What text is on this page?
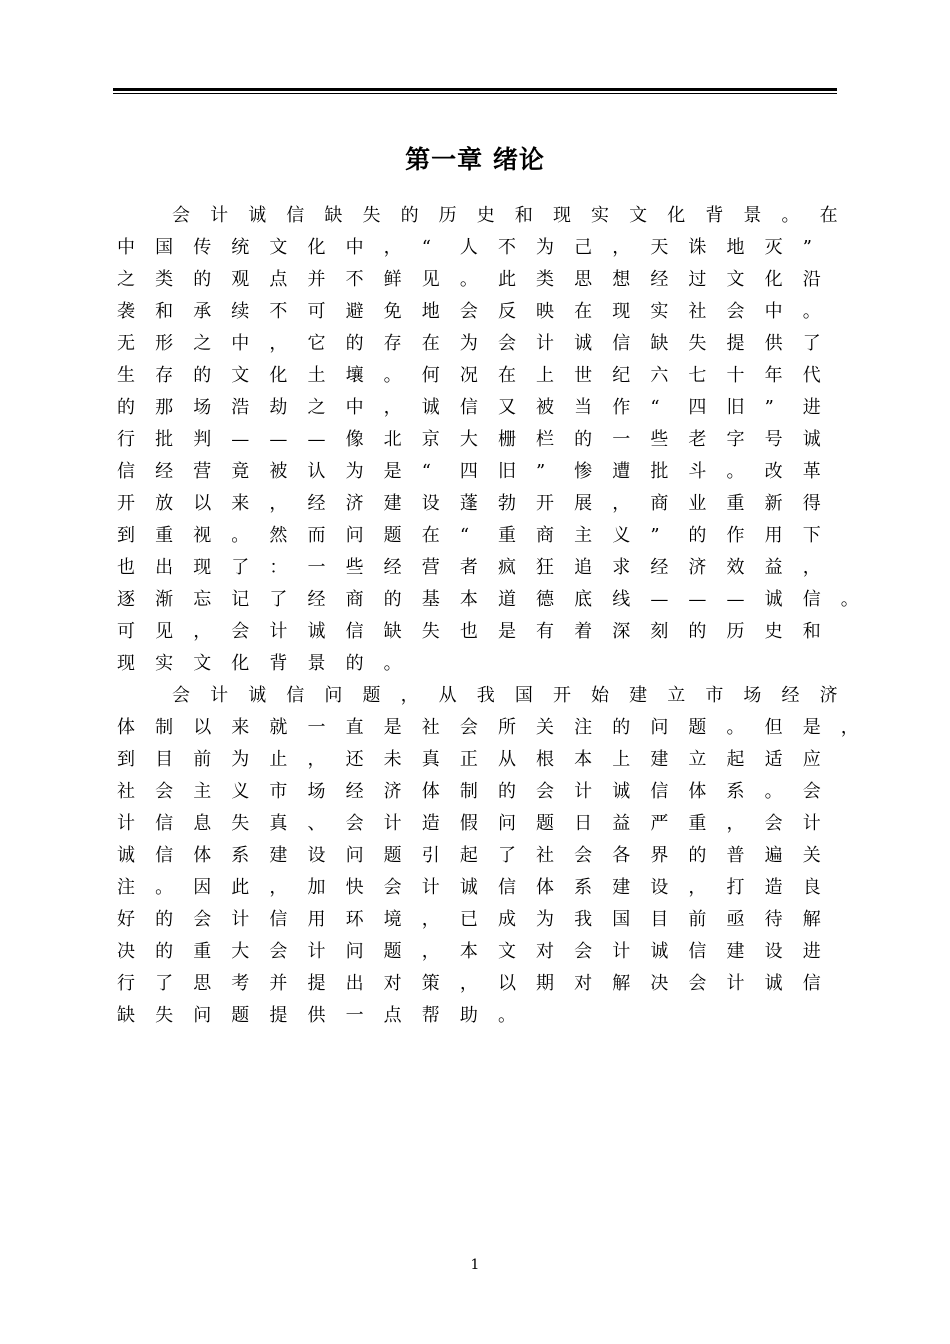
第一章 绪论
会 计 诚 信 缺 失 的 历 史 和 现 实 文 化 背 景 。 在
中 国 传 统 文 化 中 ， “ 人 不 为 己 ， 天 诛 地 灭 ”
之 类 的 观 点 并 不 鲜 见 。 此 类 思 想 经 过 文 化 沿
袭 和 承 续 不 可 避 免 地 会 反 映 在 现 实 社 会 中 。
无 形 之 中 ， 它 的 存 在 为 会 计 诚 信 缺 失 提 供 了
生 存 的 文 化 土 壤 。 何 况 在 上 世 纪 六 七 十 年 代
的 那 场 浩 劫 之 中 ， 诚 信 又 被 当 作 “ 四 旧 ” 进
行 批 判 — — — 像 北 京 大 栅 栏 的 一 些 老 字 号 诚
信 经 营 竟 被 认 为 是 “ 四 旧 ” 惨 遭 批 斗 。 改 革
开 放 以 来 ， 经 济 建 设 蓬 勃 开 展 ， 商 业 重 新 得
到 重 视 。 然 而 问 题 在 “ 重 商 主 义 ” 的 作 用 下
也 出 现 了 ： 一 些 经 营 者 疯 狂 追 求 经 济 效 益 ，
逐 渐 忘 记 了 经 商 的 基 本 道 德 底 线 — — — 诚 信 。
可 见 ， 会 计 诚 信 缺 失 也 是 有 着 深 刻 的 历 史 和
现 实 文 化 背 景 的 。
会 计 诚 信 问 题 ， 从 我 国 开 始 建 立 市 场 经 济
体 制 以 来 就 一 直 是 社 会 所 关 注 的 问 题 。 但 是 ，
到 目 前 为 止 ， 还 未 真 正 从 根 本 上 建 立 起 适 应
社 会 主 义 市 场 经 济 体 制 的 会 计 诚 信 体 系 。 会
计 信 息 失 真 、 会 计 造 假 问 题 日 益 严 重 ， 会 计
诚 信 体 系 建 设 问 题 引 起 了 社 会 各 界 的 普 遍 关
注 。 因 此 ， 加 快 会 计 诚 信 体 系 建 设 ， 打 造 良
好 的 会 计 信 用 环 境 ， 已 成 为 我 国 目 前 亟 待 解
决 的 重 大 会 计 问 题 ， 本 文 对 会 计 诚 信 建 设 进
行 了 思 考 并 提 出 对 策 ， 以 期 对 解 决 会 计 诚 信
缺 失 问 题 提 供 一 点 帮 助 。
1
